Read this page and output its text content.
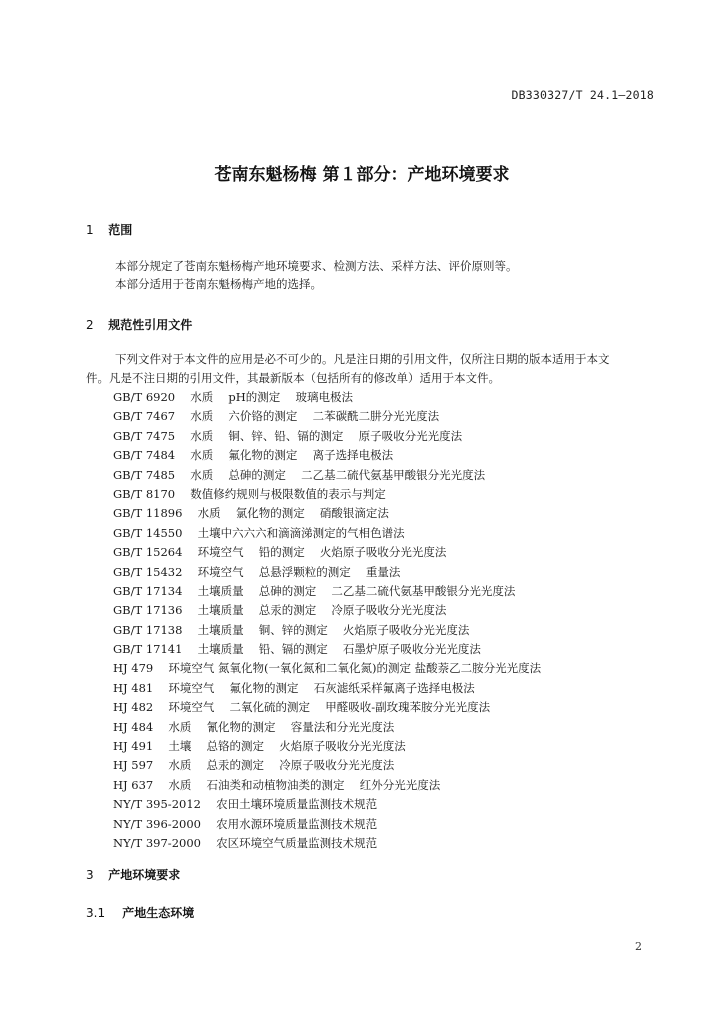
DB330327/T 24.1—2018
苍南东魁杨梅 第１部分：产地环境要求
1 范围
本部分规定了苍南东魁杨梅产地环境要求、检测方法、采样方法、评价原则等。
本部分适用于苍南东魁杨梅产地的选择。
2 规范性引用文件
下列文件对于本文件的应用是必不可少的。凡是注日期的引用文件，仅所注日期的版本适用于本文
件。凡是不注日期的引用文件，其最新版本（包括所有的修改单）适用于本文件。
GB/T 6920　 水质　 pH的测定　 玻璃电极法
GB/T 7467　 水质　 六价铬的测定　 二苯碳酰二肼分光光度法
GB/T 7475　 水质　 铜、锌、铅、镉的测定　 原子吸收分光光度法
GB/T 7484　 水质　 氟化物的测定　 离子选择电极法
GB/T 7485　 水质　 总砷的测定　 二乙基二硫代氨基甲酸银分光光度法
GB/T 8170　 数值修约规则与极限数值的表示与判定
GB/T 11896　 水质　 氯化物的测定　 硝酸银滴定法
GB/T 14550　 土壤中六六六和滴滴涕测定的气相色谱法
GB/T 15264　 环境空气　 铅的测定　 火焰原子吸收分光光度法
GB/T 15432　 环境空气　 总悬浮颗粒的测定　 重量法
GB/T 17134　 土壤质量　 总砷的测定　 二乙基二硫代氨基甲酸银分光光度法
GB/T 17136　 土壤质量　 总汞的测定　 冷原子吸收分光光度法
GB/T 17138　 土壤质量　 铜、锌的测定　 火焰原子吸收分光光度法
GB/T 17141　 土壤质量　 铅、镉的测定　 石墨炉原子吸收分光光度法
HJ 479　 环境空气 氮氧化物(一氧化氮和二氧化氮)的测定 盐酸萘乙二胺分光光度法
HJ 481　 环境空气　 氟化物的测定　 石灰滤纸采样氟离子选择电极法
HJ 482　 环境空气　 二氧化硫的测定　 甲醛吸收-副玫瑰苯胺分光光度法
HJ 484　 水质　 氰化物的测定　 容量法和分光光度法
HJ 491　 土壤　 总铬的测定　 火焰原子吸收分光光度法
HJ 597　 水质　 总汞的测定　 冷原子吸收分光光度法
HJ 637　 水质　 石油类和动植物油类的测定　 红外分光光度法
NY/T 395-2012　 农田土壤环境质量监测技术规范
NY/T 396-2000　 农用水源环境质量监测技术规范
NY/T 397-2000　 农区环境空气质量监测技术规范
3 产地环境要求
3.1 产地生态环境
2
